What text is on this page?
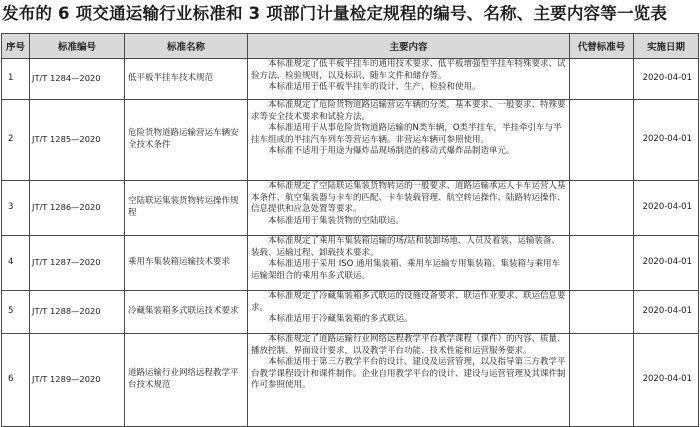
发布的 6 项交通运输行业标准和 3 项部门计量检定规程的编号、名称、主要内容等一览表
序号	标准编号	标准名称	主要内容	代替标准号	实施日期
1	JT/T 1284—2020	低平板半挂车技术规范	本标准规定了低平板半挂车的通用技术要求、低平板增强型半挂车特殊要求、试验方法、检验规则，以及标识、随车文件和储存等。
本标准适用于低平板半挂车的设计、生产、检验和使用。		2020-04-01
2	JT/T 1285—2020	危险货物道路运输营运车辆安全技术条件	本标准规定了危险货物道路运输营运车辆的分类，基本要求、一般要求、特殊要求等安全技术要求和试验方法。
本标准适用于从事危险货物道路运输的N类车辆，O类半挂车，半挂牵引车与半挂车组成的半挂汽车列车等营运车辆。非营运车辆可参照使用。
本标准不适用于用途为爆炸品现场制造的移动式爆炸品制造单元。		2020-04-01
3	JT/T 1286—2020	空陆联运集装货物转运操作规程	本标准规定了空陆联运集装货物转运的一般要求、道路运输承运人卡车运营人基本条件、航空集装器与卡车的匹配、卡车装载管理、航空转运操作、陆路转运操作、信息提供和应急处置等要求。
本标准适用于集装货物的空陆联运。		2020-04-01
4	JT/T 1287—2020	乘用车集装箱运输技术要求	本标准规定了乘用车集装箱运输的场/站和装卸场地、人员及着装、运输装备、装载、运输过程、卸载技术要求。
本标准适用于采用 ISO 通用集装箱、乘用车运输专用集装箱、集装箱与乘用车运输架组合的乘用车多式联运。		2020-04-01
5	JT/T 1288—2020	冷藏集装箱多式联运技术要求	本标准规定了冷藏集装箱多式联运的设施设备要求、联运作业要求、联运信息要求。
本标准适用于冷藏集装箱的多式联运。		2020-04-01
6	JT/T 1289—2020	道路运输行业网络远程教学平台技术规范	本标准规定了道路运输行业网络远程教学平台教学课程（课件）的内容、质量、播放控制、界面设计要求，以及教学平台功能、技术性能和运营服务要求。
本标准适用于第三方教学平台的设计、建设及运营管理，以及指导第三方教学平台教学课程设计和课件制作。企业自用教学平台的设计、建设与运营管理及其课件制作可参照使用。		2020-04-01
